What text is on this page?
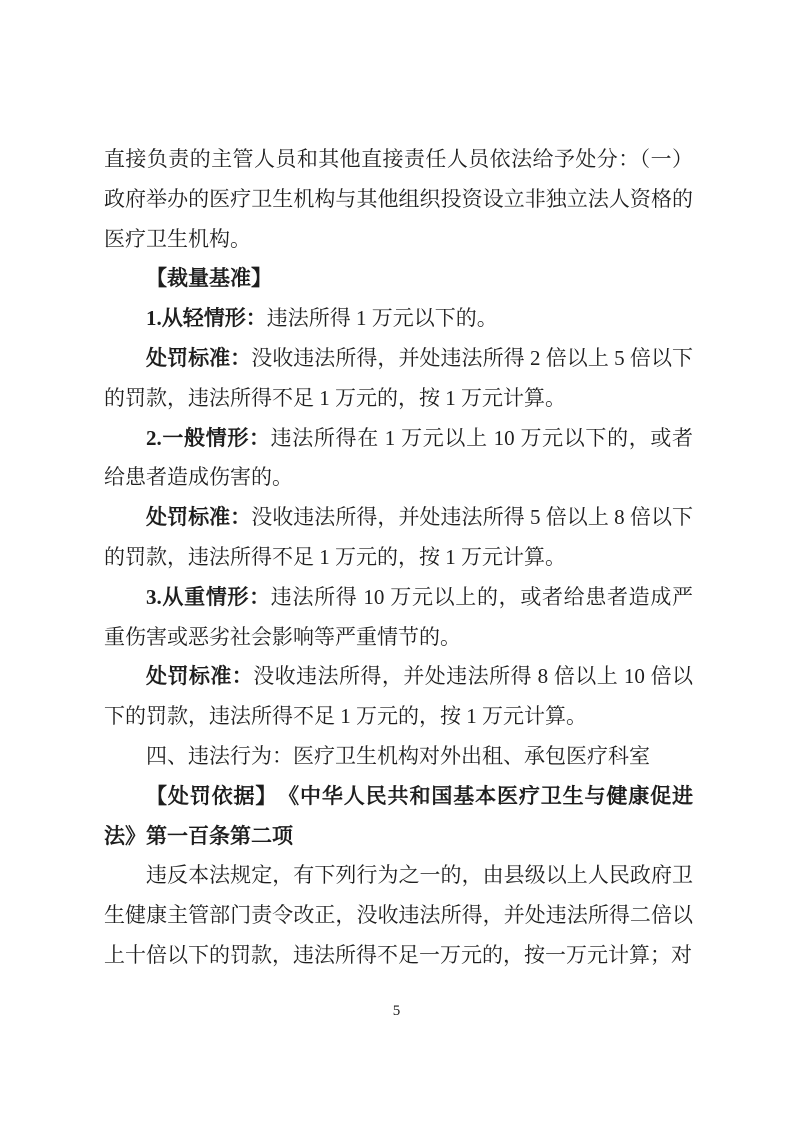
直接负责的主管人员和其他直接责任人员依法给予处分：（一）政府举办的医疗卫生机构与其他组织投资设立非独立法人资格的医疗卫生机构。

【裁量基准】

1.从轻情形：违法所得 1 万元以下的。

处罚标准：没收违法所得，并处违法所得 2 倍以上 5 倍以下的罚款，违法所得不足 1 万元的，按 1 万元计算。

2.一般情形：违法所得在 1 万元以上 10 万元以下的，或者给患者造成伤害的。

处罚标准：没收违法所得，并处违法所得 5 倍以上 8 倍以下的罚款，违法所得不足 1 万元的，按 1 万元计算。

3.从重情形：违法所得 10 万元以上的，或者给患者造成严重伤害或恶劣社会影响等严重情节的。

处罚标准：没收违法所得，并处违法所得 8 倍以上 10 倍以下的罚款，违法所得不足 1 万元的，按 1 万元计算。

四、违法行为：医疗卫生机构对外出租、承包医疗科室

【处罚依据】　《中华人民共和国基本医疗卫生与健康促进法》第一百条第二项

违反本法规定，有下列行为之一的，由县级以上人民政府卫生健康主管部门责令改正，没收违法所得，并处违法所得二倍以上十倍以下的罚款，违法所得不足一万元的，按一万元计算；对

5
